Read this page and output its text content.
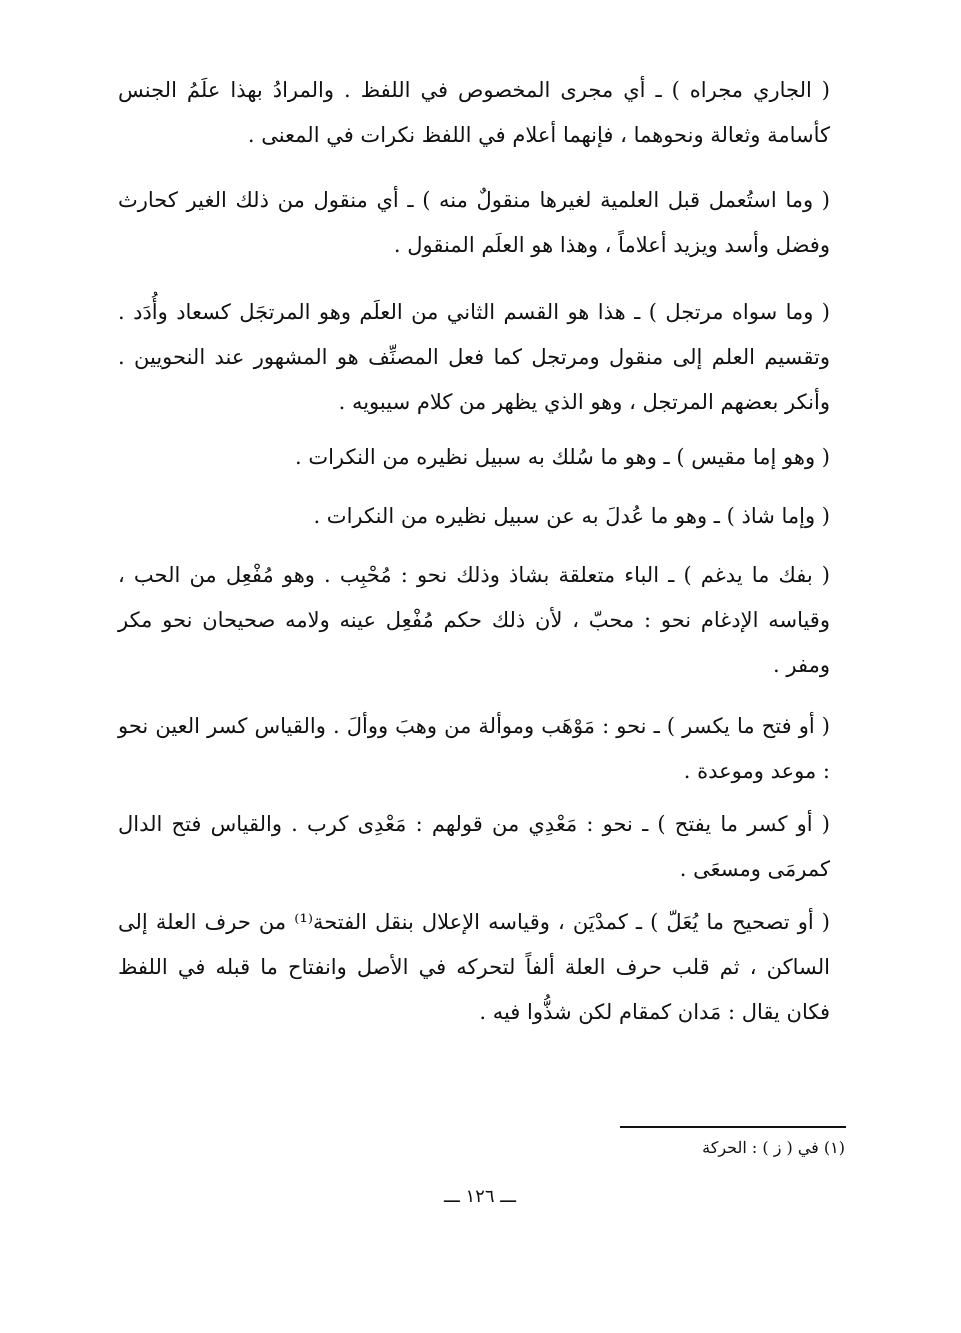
( الجاري مجراه ) ـ أي مجرى المخصوص في اللفظ . والمرادُ بهذا علَمُ الجنس كأسامة وثعالة ونحوهما ، فإنهما أعلام في اللفظ نكرات في المعنى .

( وما استُعمل قبل العلمية لغيرها منقولٌ منه ) ـ أي منقول من ذلك الغير كحارث وفضل وأسد ويزيد أعلاماً ، وهذا هو العلَم المنقول .

( وما سواه مرتجل ) ـ هذا هو القسم الثاني من العلَم وهو المرتجَل كسعاد وأُدَد . وتقسيم العلم إلى منقول ومرتجل كما فعل المصنِّف هو المشهور عند النحويين . وأنكر بعضهم المرتجل ، وهو الذي يظهر من كلام سيبويه .

( وهو إما مقيس ) ـ وهو ما سُلك به سبيل نظيره من النكرات .

( وإما شاذ ) ـ وهو ما عُدلَ به عن سبيل نظيره من النكرات .

( بفك ما يدغم ) ـ الباء متعلقة بشاذ وذلك نحو : مُحْبِب . وهو مُفْعِل من الحب ، وقياسه الإدغام نحو : محبّ ، لأن ذلك حكم مُفْعِل عينه ولامه صحيحان نحو مكر ومفر .

( أو فتح ما يكسر ) ـ نحو : مَوْهَب وموألة من وهبَ ووألَ . والقياس كسر العين نحو : موعد وموعدة .

( أو كسر ما يفتح ) ـ نحو : مَعْدِي من قولهم : مَعْدِى كرب . والقياس فتح الدال كمرمَى ومسعَى .

( أو تصحيح ما يُعَلّ ) ـ كمدْيَن ، وقياسه الإعلال بنقل الفتحة⁽¹⁾ من حرف العلة إلى الساكن ، ثم قلب حرف العلة ألفاً لتحركه في الأصل وانفتاح ما قبله في اللفظ فكان يقال : مَدان كمقام لكن شذُّوا فيه .

(١) في ( ز ) : الحركة
ـــ ١٢٦ ـــ
